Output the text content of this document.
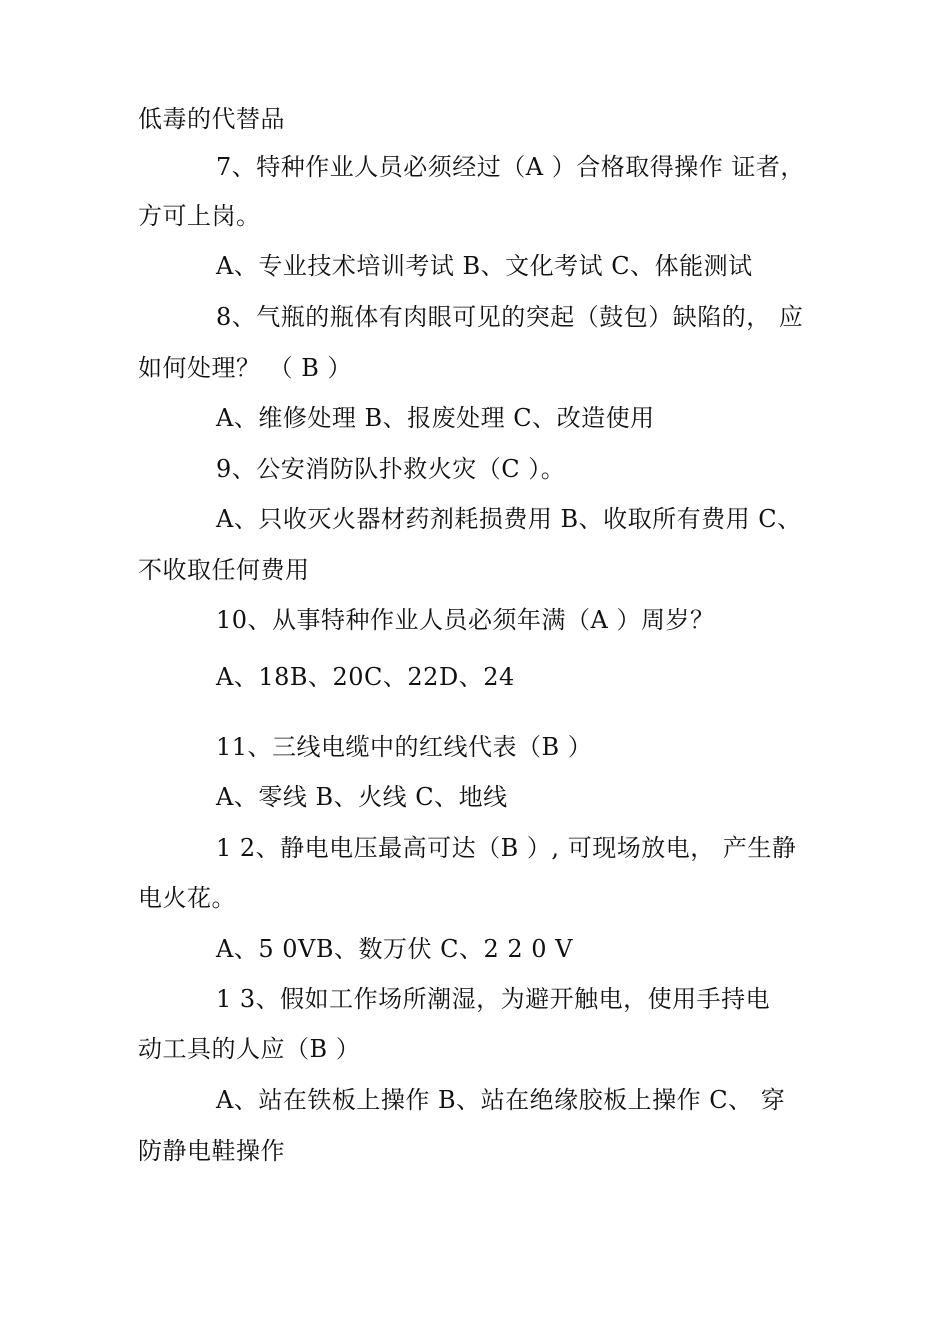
低毒的代替品
7、特种作业人员必须经过（A ）合格取得操作 证者，
方可上岗。
A、专业技术培训考试 B、文化考试 C、体能测试
8、气瓶的瓶体有肉眼可见的突起（鼓包）缺陷的， 应
如何处理？ （ B ）
A、维修处理 B、报废处理 C、改造使用
9、公安消防队扑救火灾（C ）。
A、只收灭火器材药剂耗损费用 B、收取所有费用 C、
不收取任何费用
10、从事特种作业人员必须年满（A ）周岁？
A、18B、20C、22D、24
11、三线电缆中的红线代表（B ）
A、零线 B、火线 C、地线
1 2、静电电压最高可达（B ）, 可现场放电， 产生静
电火花。
A、5 0VB、数万伏 C、2 2 0 V
1 3、假如工作场所潮湿，为避开触电，使用手持电
动工具的人应（B ）
A、站在铁板上操作 B、站在绝缘胶板上操作 C、 穿
防静电鞋操作
